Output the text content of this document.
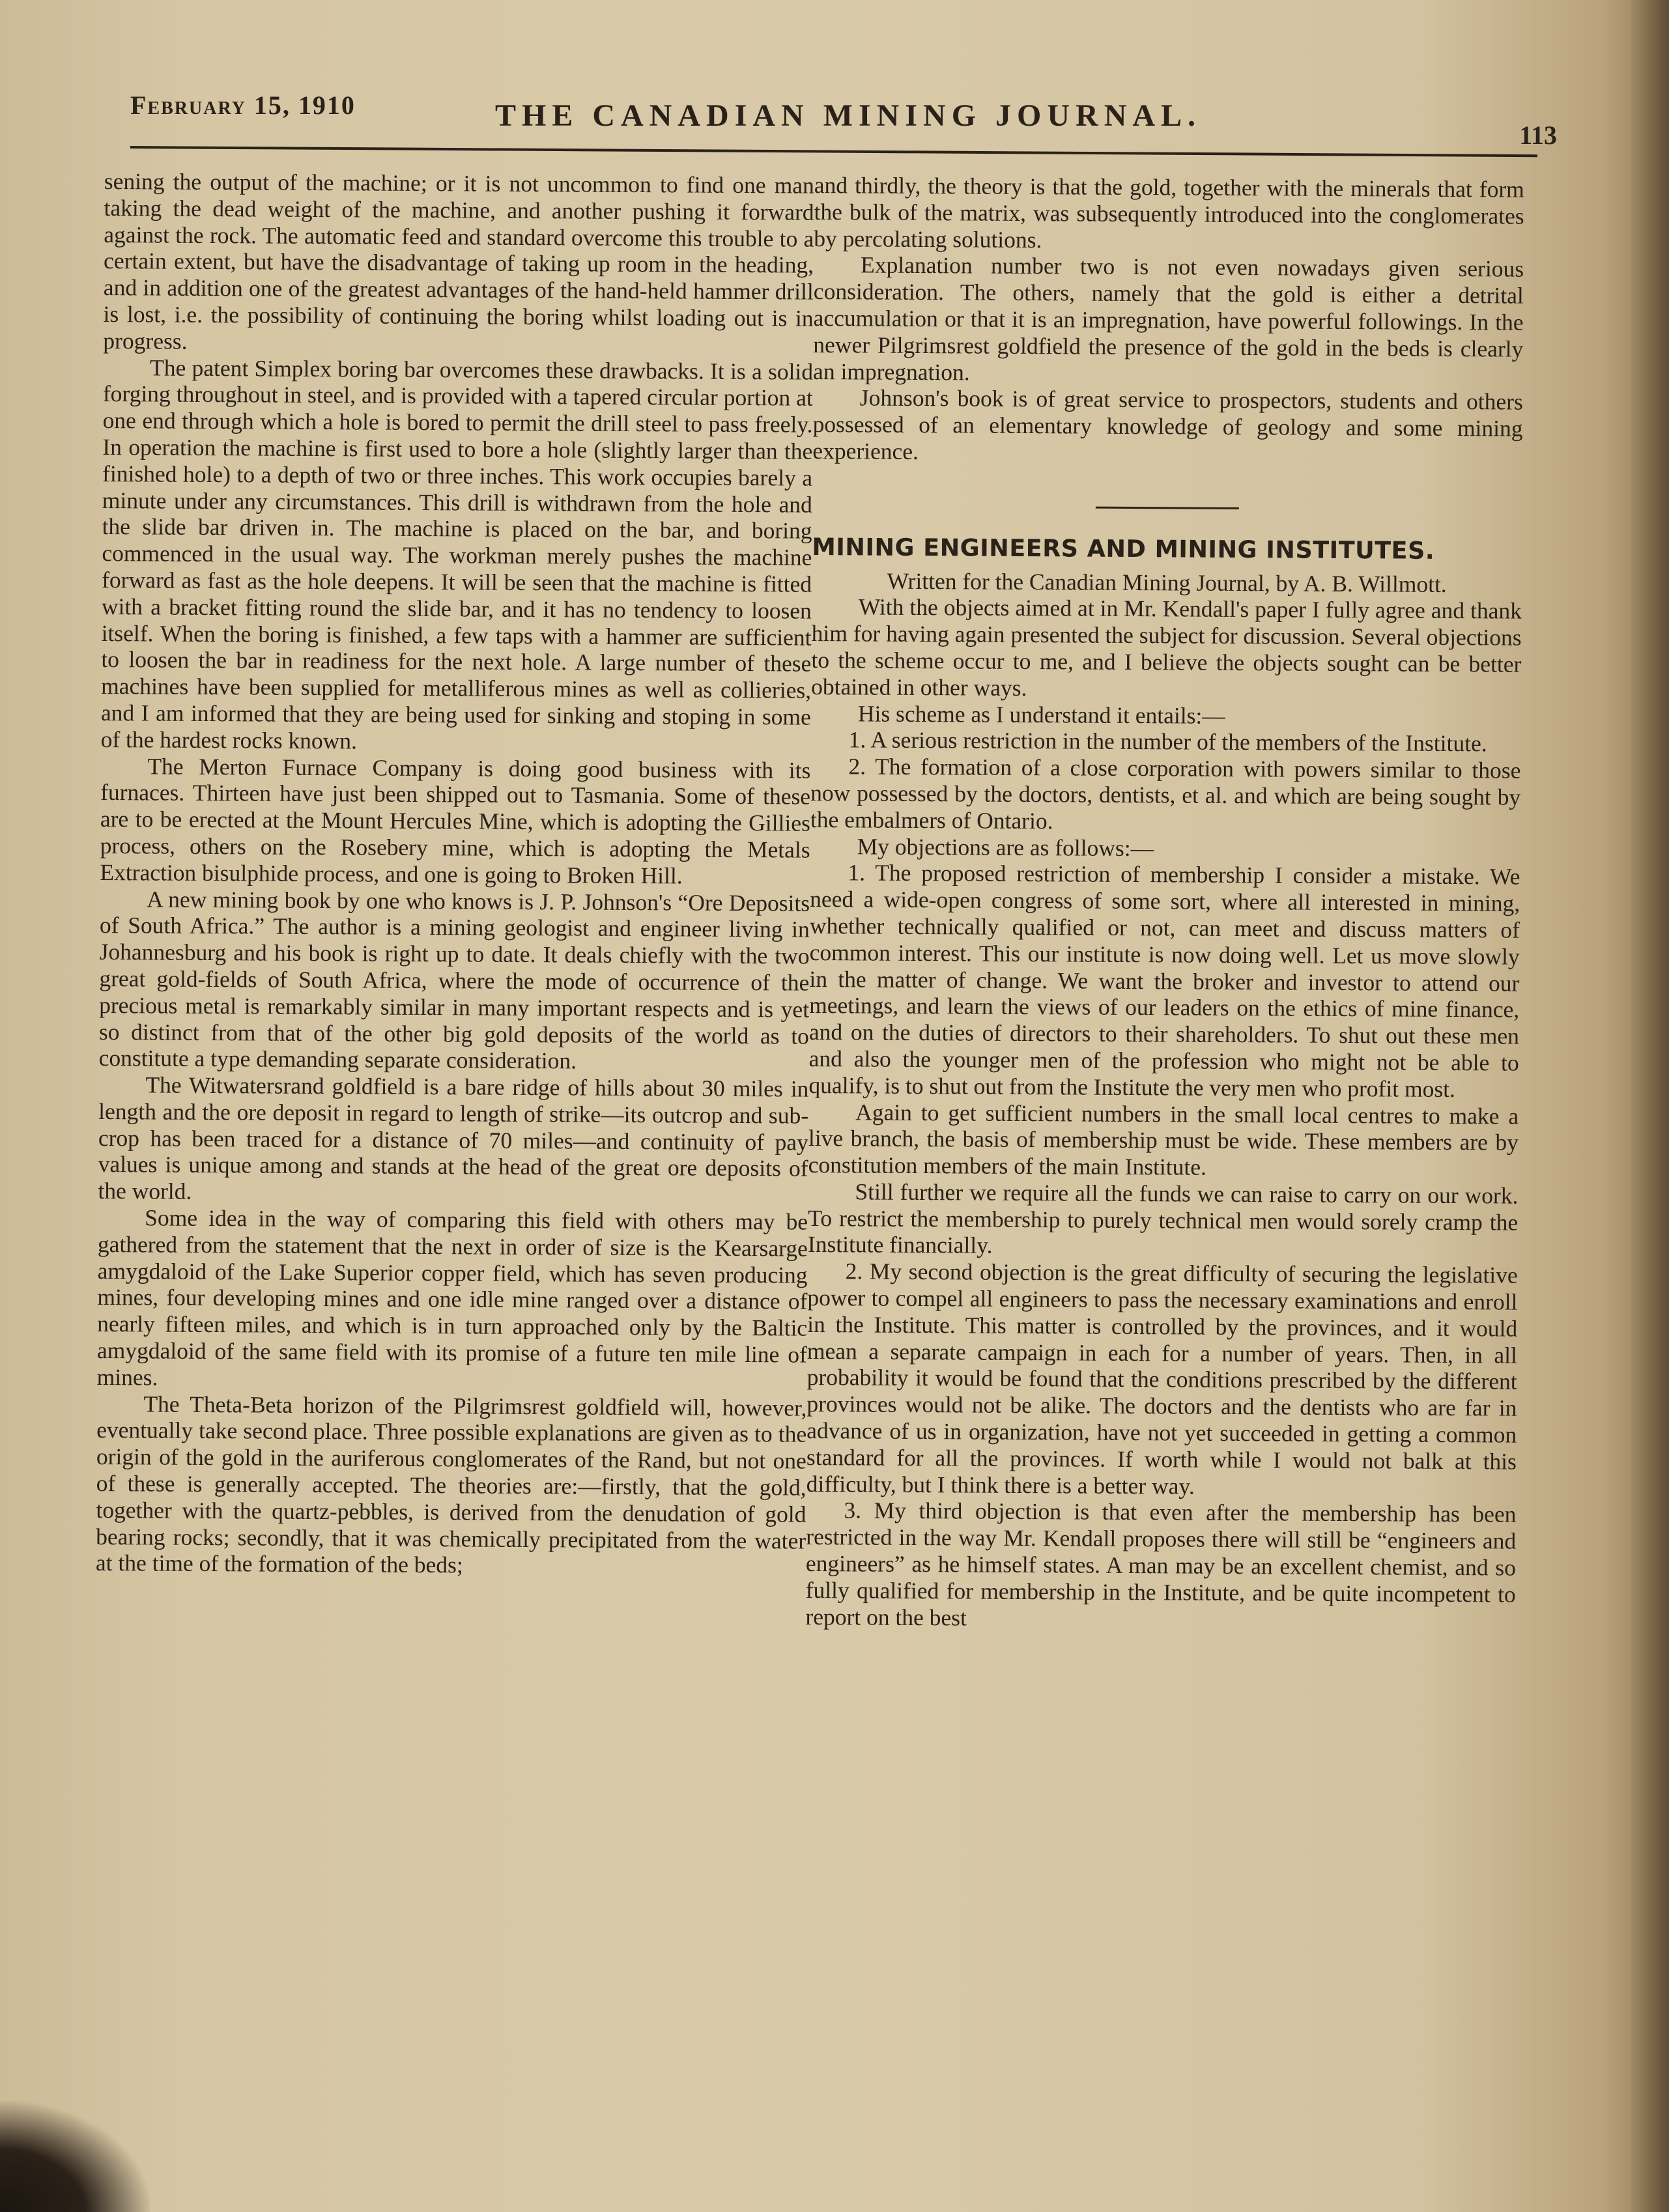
February 15, 1910	THE CANADIAN MINING JOURNAL.
113

sening the output of the machine; or it is not uncommon to find one man taking the dead weight of the machine, and another pushing it forward against the rock. The automatic feed and standard overcome this trouble to a certain extent, but have the disadvantage of taking up room in the heading, and in addition one of the greatest advantages of the hand-held hammer drill is lost, i.e. the possibility of continuing the boring whilst loading out is in progress.

The patent Simplex boring bar overcomes these drawbacks. It is a solid forging throughout in steel, and is provided with a tapered circular portion at one end through which a hole is bored to permit the drill steel to pass freely. In operation the machine is first used to bore a hole (slightly larger than the finished hole) to a depth of two or three inches. This work occupies barely a minute under any circumstances. This drill is withdrawn from the hole and the slide bar driven in. The machine is placed on the bar, and boring commenced in the usual way. The workman merely pushes the machine forward as fast as the hole deepens. It will be seen that the machine is fitted with a bracket fitting round the slide bar, and it has no tendency to loosen itself. When the boring is finished, a few taps with a hammer are sufficient to loosen the bar in readiness for the next hole. A large number of these machines have been supplied for metalliferous mines as well as collieries, and I am informed that they are being used for sinking and stoping in some of the hardest rocks known.

The Merton Furnace Company is doing good business with its furnaces. Thirteen have just been shipped out to Tasmania. Some of these are to be erected at the Mount Hercules Mine, which is adopting the Gillies process, others on the Rosebery mine, which is adopting the Metals Extraction bisulphide process, and one is going to Broken Hill.

A new mining book by one who knows is J. P. Johnson's “Ore Deposits of South Africa.” The author is a mining geologist and engineer living in Johannesburg and his book is right up to date. It deals chiefly with the two great gold-fields of South Africa, where the mode of occurrence of the precious metal is remarkably similar in many important respects and is yet so distinct from that of the other big gold deposits of the world as to constitute a type demanding separate consideration.

The Witwatersrand goldfield is a bare ridge of hills about 30 miles in length and the ore deposit in regard to length of strike—its outcrop and sub-crop has been traced for a distance of 70 miles—and continuity of pay values is unique among and stands at the head of the great ore deposits of the world.

Some idea in the way of comparing this field with others may be gathered from the statement that the next in order of size is the Kearsarge amygdaloid of the Lake Superior copper field, which has seven producing mines, four developing mines and one idle mine ranged over a distance of nearly fifteen miles, and which is in turn approached only by the Baltic amygdaloid of the same field with its promise of a future ten mile line of mines.

The Theta-Beta horizon of the Pilgrimsrest goldfield will, however, eventually take second place. Three possible explanations are given as to the origin of the gold in the auriferous conglomerates of the Rand, but not one of these is generally accepted. The theories are:—firstly, that the gold, together with the quartz-pebbles, is derived from the denudation of gold bearing rocks; secondly, that it was chemically precipitated from the water at the time of the formation of the beds;

and thirdly, the theory is that the gold, together with the minerals that form the bulk of the matrix, was subsequently introduced into the conglomerates by percolating solutions.

Explanation number two is not even nowadays given serious consideration. The others, namely that the gold is either a detrital accumulation or that it is an impregnation, have powerful followings. In the newer Pilgrimsrest goldfield the presence of the gold in the beds is clearly an impregnation.

Johnson's book is of great service to prospectors, students and others possessed of an elementary knowledge of geology and some mining experience.

MINING ENGINEERS AND MINING INSTITUTES.

Written for the Canadian Mining Journal, by A. B. Willmott.

With the objects aimed at in Mr. Kendall's paper I fully agree and thank him for having again presented the subject for discussion. Several objections to the scheme occur to me, and I believe the objects sought can be better obtained in other ways.

His scheme as I understand it entails:—

1. A serious restriction in the number of the members of the Institute.

2. The formation of a close corporation with powers similar to those now possessed by the doctors, dentists, et al. and which are being sought by the embalmers of Ontario.

My objections are as follows:—

1. The proposed restriction of membership I consider a mistake. We need a wide-open congress of some sort, where all interested in mining, whether technically qualified or not, can meet and discuss matters of common interest. This our institute is now doing well. Let us move slowly in the matter of change. We want the broker and investor to attend our meetings, and learn the views of our leaders on the ethics of mine finance, and on the duties of directors to their shareholders. To shut out these men and also the younger men of the profession who might not be able to qualify, is to shut out from the Institute the very men who profit most.

Again to get sufficient numbers in the small local centres to make a live branch, the basis of membership must be wide. These members are by constitution members of the main Institute.

Still further we require all the funds we can raise to carry on our work. To restrict the membership to purely technical men would sorely cramp the Institute financially.

2. My second objection is the great difficulty of securing the legislative power to compel all engineers to pass the necessary examinations and enroll in the Institute. This matter is controlled by the provinces, and it would mean a separate campaign in each for a number of years. Then, in all probability it would be found that the conditions prescribed by the different provinces would not be alike. The doctors and the dentists who are far in advance of us in organization, have not yet succeeded in getting a common standard for all the provinces. If worth while I would not balk at this difficulty, but I think there is a better way.

3. My third objection is that even after the membership has been restricted in the way Mr. Kendall proposes there will still be “engineers and engineers” as he himself states. A man may be an excellent chemist, and so fully qualified for membership in the Institute, and be quite incompetent to report on the best
